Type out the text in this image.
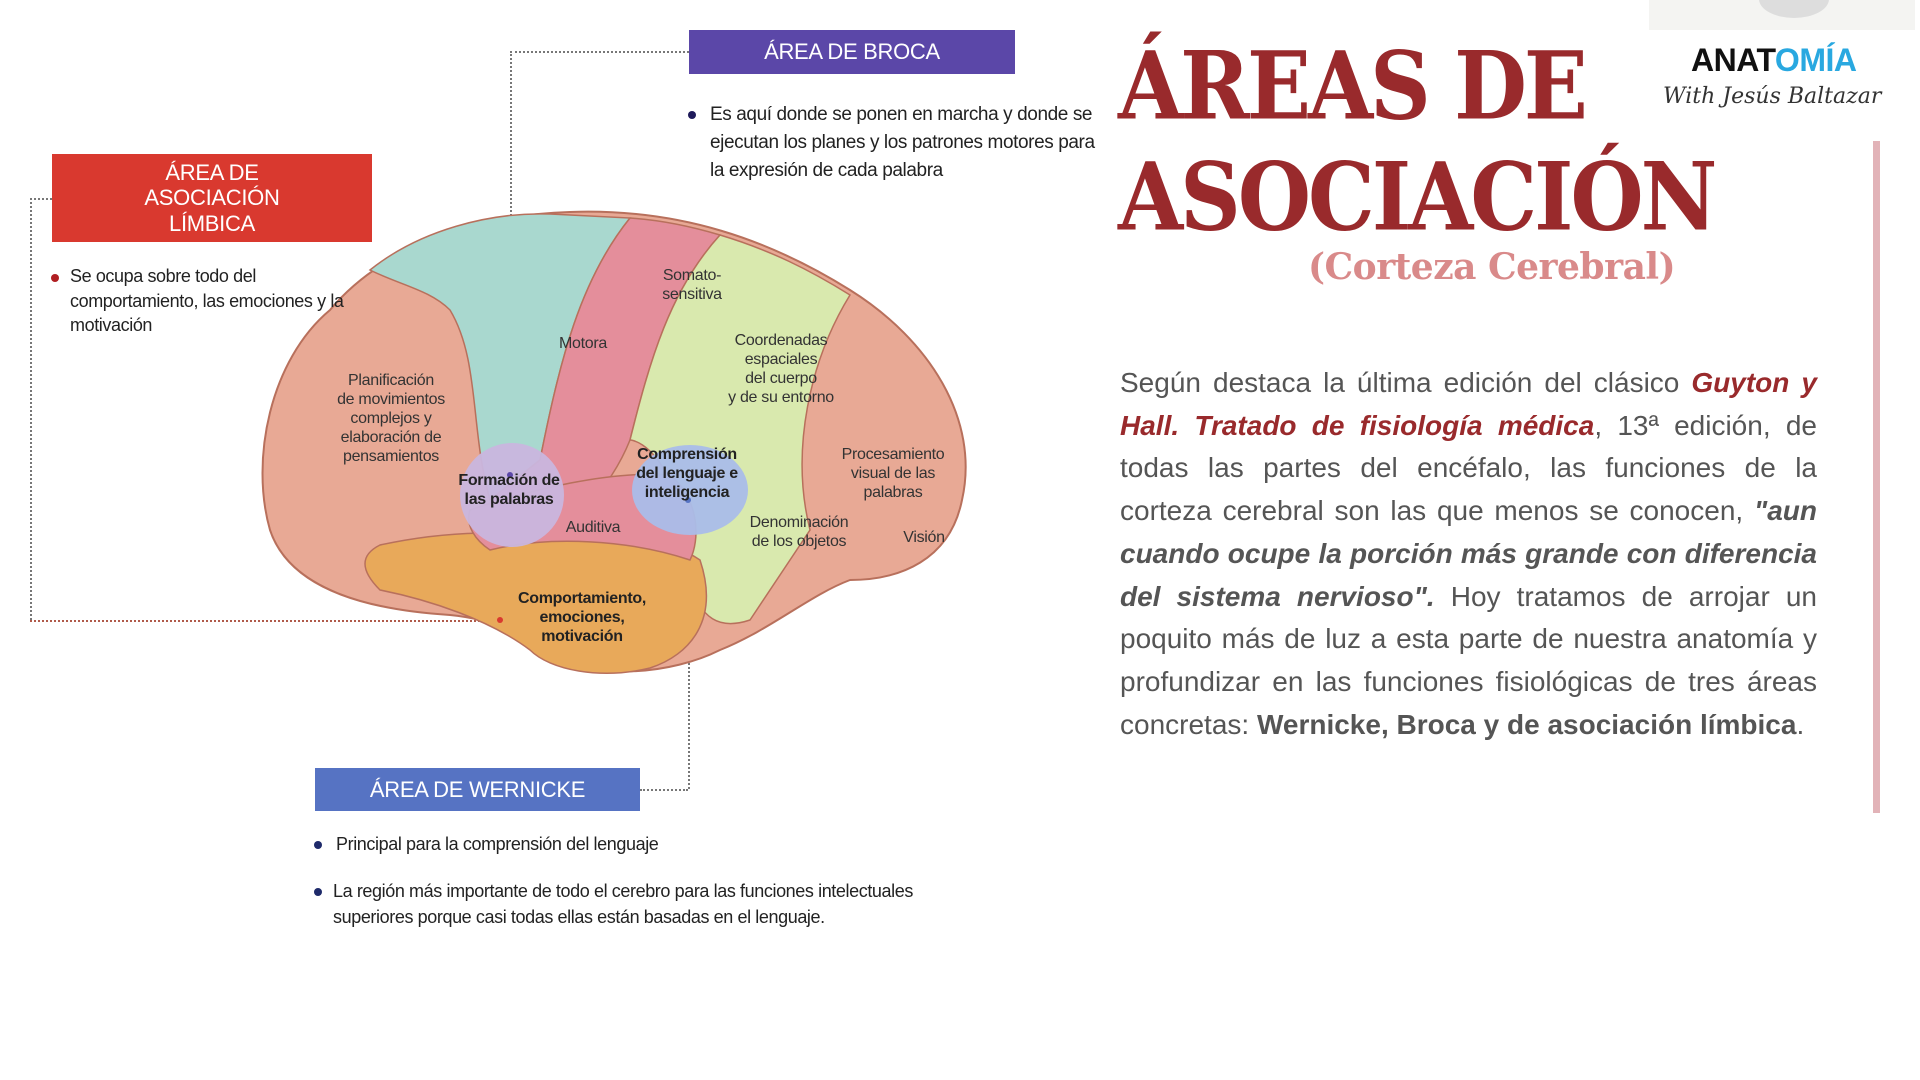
Somato-
sensitiva
Motora	Coordenadas
espaciales
del cuerpo
y de su entorno
Planificación
de movimientos
complejos y
elaboración de
pensamientos	Procesamiento
visual de las
palabras
Formación de
las palabras
Comprensión
del lenguaje e
inteligencia
Auditiva	Denominación
de los objetos	Visión
Comportamiento,
emociones,
motivación
ÁREA DE BROCA
Es aquí donde se ponen en marcha y donde se ejecutan los planes y los patrones motores para la expresión de cada palabra
ÁREA DE ASOCIACIÓN LÍMBICA
Se ocupa sobre todo del comportamiento, las emociones y la motivación
ÁREA DE WERNICKE
Principal para la comprensión del lenguaje
La región más importante de todo el cerebro para las funciones intelectuales superiores porque casi todas ellas están basadas en el lenguaje.
ÁREAS DE
ASOCIACIÓN
(Corteza Cerebral)
ANATOMÍA
With Jesús Baltazar
Según destaca la última edición del clásico Guyton y Hall. Tratado de fisiología médica, 13ª edición, de todas las partes del encéfalo, las funciones de la corteza cerebral son las que menos se conocen, "aun cuando ocupe la porción más grande con diferencia del sistema nervioso". Hoy tratamos de arrojar un poquito más de luz a esta parte de nuestra anatomía y profundizar en las funciones fisiológicas de tres áreas concretas: Wernicke, Broca y de asociación límbica.
